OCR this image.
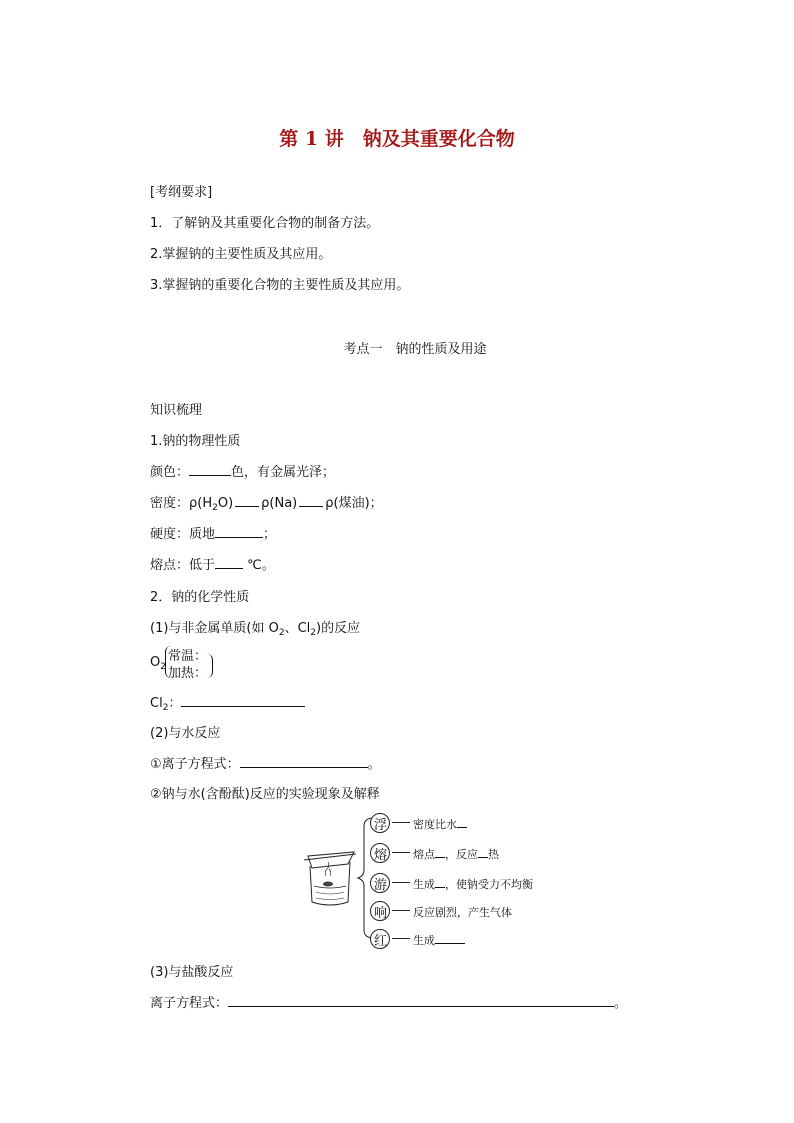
第 1 讲　钠及其重要化合物
[考纲要求]
1．了解钠及其重要化合物的制备方法。
2.掌握钠的主要性质及其应用。
3.掌握钠的重要化合物的主要性质及其应用。
考点一　钠的性质及用途
知识梳理
1.钠的物理性质
颜色：	色，有金属光泽；
密度：$\rho(H_2O)$ ρ(Na) ρ(煤油)；
硬度：质地	；
熔点：低于 ℃。
2．钠的化学性质
(1)与非金属单质(如 $O_2$、$Cl_2$)的反应
$O_2$
常温：
加热：
$Cl_2$：
(2)与水反应
①离子方程式：	。
②钠与水(含酚酞)反应的实验现象及解释
浮 密度比水
熔 熔点 ，反应 热
游 生成 ，使钠受力不均衡
响 反应剧烈，产生气体
红 生成
(3)与盐酸反应
离子方程式：	。
